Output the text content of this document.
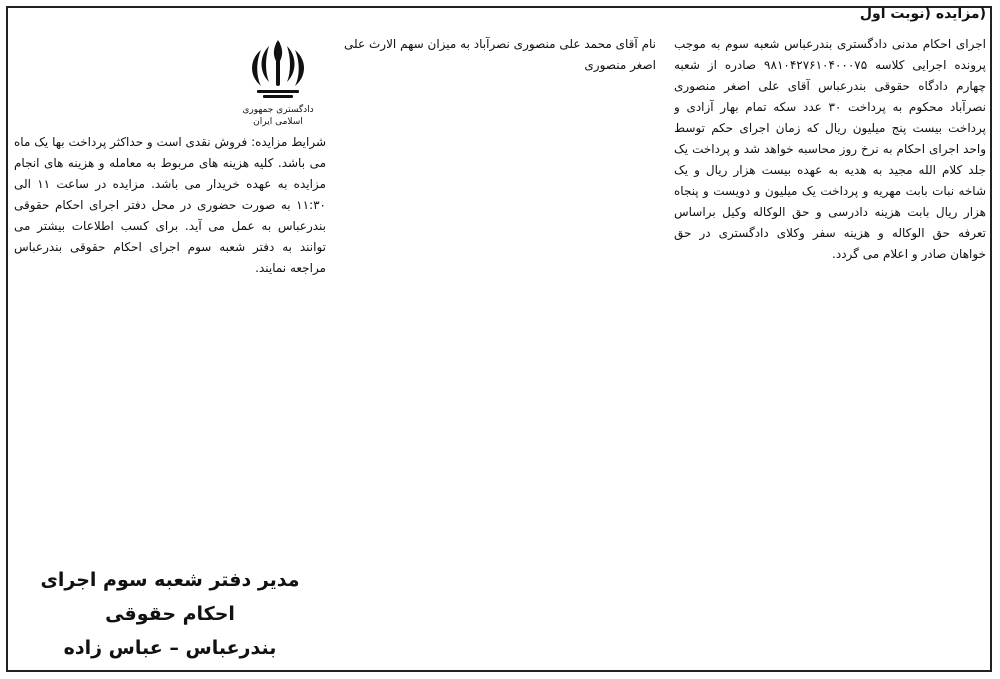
(مزایده (نوبت اول

اجرای احکام مدنی دادگستری بندرعباس شعبه سوم به موجب پرونده اجرایی کلاسه ۹۸۱۰۴۲۷۶۱۰۴۰۰۰۷۵ صادره از شعبه چهارم دادگاه حقوقی بندرعباس آقای علی اصغر منصوری نصرآباد محکوم به پرداخت ۳۰ عدد سکه تمام بهار آزادی و پرداخت بیست پنج میلیون ریال که زمان اجرای حکم توسط واحد اجرای احکام به نرخ روز محاسبه خواهد شد و پرداخت یک جلد کلام الله مجید به هدیه به عهده بیست هزار ریال و یک شاخه نبات بابت مهریه و پرداخت یک میلیون و دویست و پنجاه هزار ریال بابت هزینه دادرسی و حق الوکاله وکیل براساس تعرفه حق الوکاله و هزینه سفر وکلای دادگستری در حق خواهان صادر و اعلام می گردد.

نام آقای محمد علی منصوری نصرآباد به میزان سهم الارث علی اصغر منصوری

دادگستری جمهوری اسلامی ایران

شرایط مزایده: فروش نقدی است و حداکثر پرداخت بها یک ماه می باشد. کلیه هزینه های مربوط به معامله و هزینه های انجام مزایده به عهده خریدار می باشد. مزایده در ساعت ۱۱ الی ۱۱:۳۰ به صورت حضوری در محل دفتر اجرای احکام حقوقی بندرعباس به عمل می آید. برای کسب اطلاعات بیشتر می توانند به دفتر شعبه سوم اجرای احکام حقوقی بندرعباس مراجعه نمایند.

مدیر دفتر شعبه سوم اجرای احکام حقوقی
بندرعباس – عباس زاده
